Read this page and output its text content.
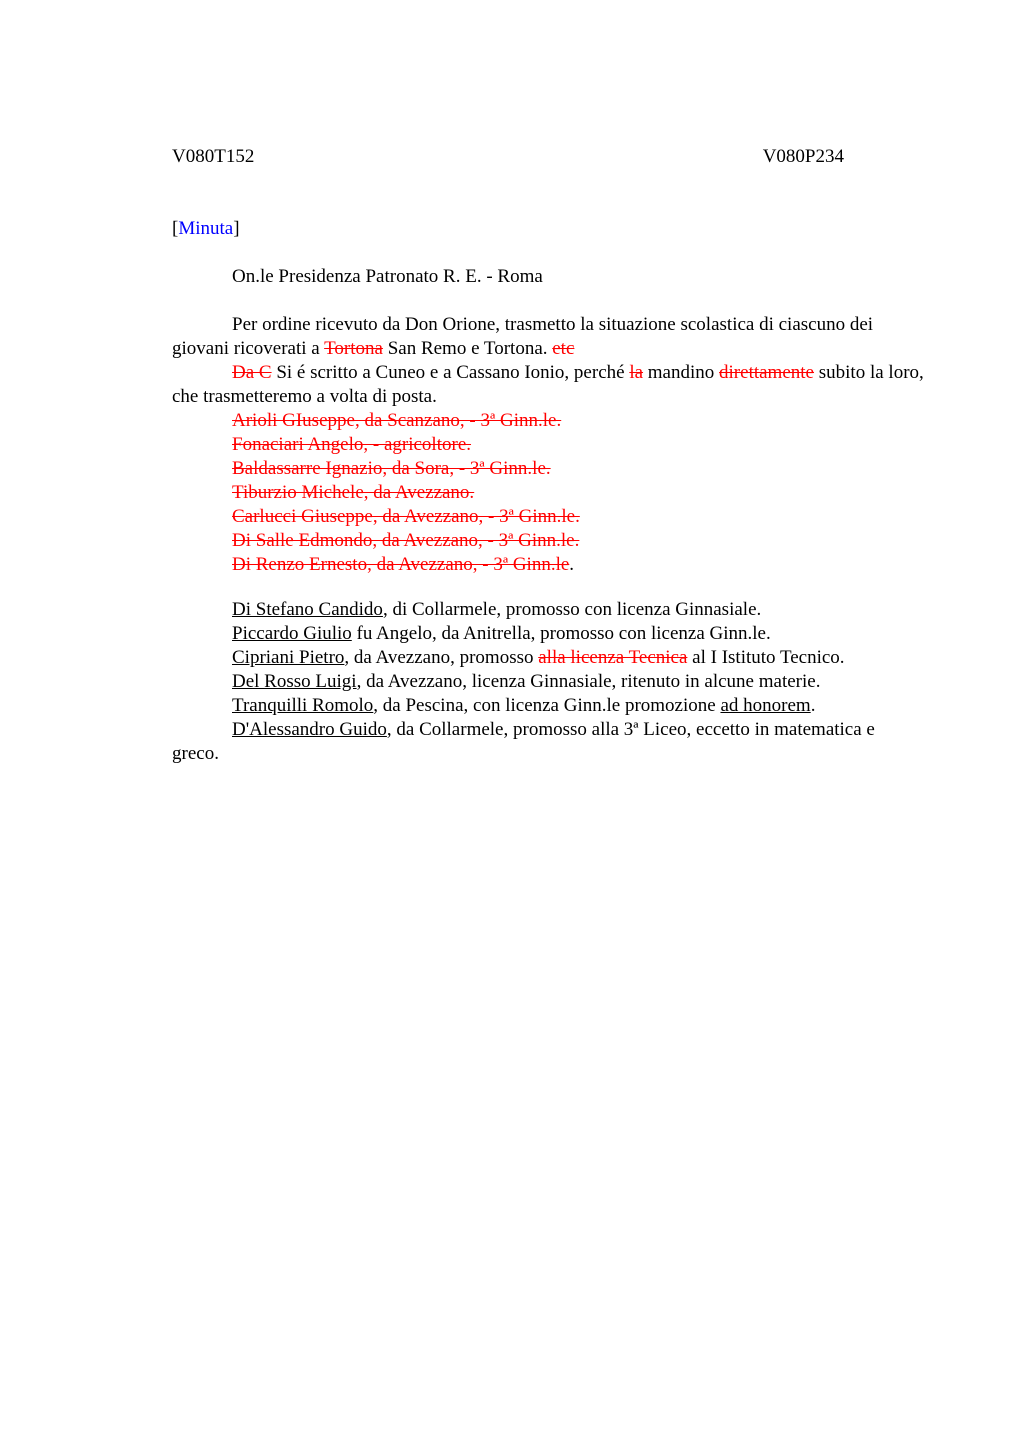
V080T152	V080P234
[Minuta]
On.le Presidenza Patronato R. E. - Roma
Per ordine ricevuto da Don Orione, trasmetto la situazione scolastica di ciascuno dei giovani ricoverati a Tortona San Remo e Tortona. etc
Da C Si é scritto a Cuneo e a Cassano Ionio, perché la mandino direttamente subito la loro, che trasmetteremo a volta di posta.
Arioli GIuseppe, da Scanzano, - 3ª Ginn.le.
Fonaciari Angelo, - agricoltore.
Baldassarre Ignazio, da Sora, - 3ª Ginn.le.
Tiburzio Michele, da Avezzano.
Carlucci Giuseppe, da Avezzano, - 3ª Ginn.le.
Di Salle Edmondo, da Avezzano, - 3ª Ginn.le.
Di Renzo Ernesto, da Avezzano, - 3ª Ginn.le.
Di Stefano Candido, di Collarmele, promosso con licenza Ginnasiale.
Piccardo Giulio fu Angelo, da Anitrella, promosso con licenza Ginn.le.
Cipriani Pietro, da Avezzano, promosso alla licenza Tecnica al I Istituto Tecnico.
Del Rosso Luigi, da Avezzano, licenza Ginnasiale, ritenuto in alcune materie.
Tranquilli Romolo, da Pescina, con licenza Ginn.le promozione ad honorem.
D'Alessandro Guido, da Collarmele, promosso alla 3ª Liceo, eccetto in matematica e greco.
